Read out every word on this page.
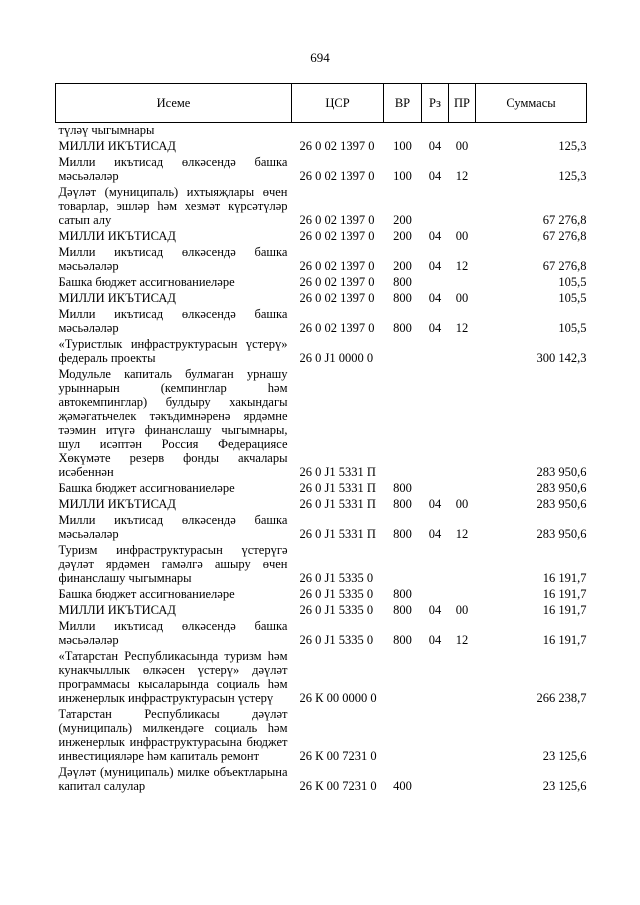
694
Исеме	ЦСР	ВР	Рз	ПР	Суммасы
түләү чыгымнары					
МИЛЛИ ИКЪТИСАД	26 0 02 1397 0	100	04	00	125,3
Милли икътисад өлкәсендә башка мәсьәләләр	26 0 02 1397 0	100	04	12	125,3
Дәүләт (муниципаль) ихтыяҗлары өчен товарлар, эшләр һәм хезмәт күрсәтүләр сатып алу	26 0 02 1397 0	200			67 276,8
МИЛЛИ ИКЪТИСАД	26 0 02 1397 0	200	04	00	67 276,8
Милли икътисад өлкәсендә башка мәсьәләләр	26 0 02 1397 0	200	04	12	67 276,8
Башка бюджет ассигнованиеләре	26 0 02 1397 0	800			105,5
МИЛЛИ ИКЪТИСАД	26 0 02 1397 0	800	04	00	105,5
Милли икътисад өлкәсендә башка мәсьәләләр	26 0 02 1397 0	800	04	12	105,5
«Туристлык инфраструктурасын үстерү» федераль проекты	26 0 J1 0000 0				300 142,3
Модульле капиталь булмаган урнашу урыннарын (кемпинглар һәм автокемпинглар) булдыру хакындагы җәмәгатьчелек тәкъдимнәренә ярдәмне тәэмин итүгә финанслашу чыгымнары, шул исәптән Россия Федерациясе Хөкүмәте резерв фонды акчалары исәбеннән	26 0 J1 5331 П				283 950,6
Башка бюджет ассигнованиеләре	26 0 J1 5331 П	800			283 950,6
МИЛЛИ ИКЪТИСАД	26 0 J1 5331 П	800	04	00	283 950,6
Милли икътисад өлкәсендә башка мәсьәләләр	26 0 J1 5331 П	800	04	12	283 950,6
Туризм инфраструктурасын үстерүгә дәүләт ярдәмен гамәлгә ашыру өчен финанслашу чыгымнары	26 0 J1 5335 0				16 191,7
Башка бюджет ассигнованиеләре	26 0 J1 5335 0	800			16 191,7
МИЛЛИ ИКЪТИСАД	26 0 J1 5335 0	800	04	00	16 191,7
Милли икътисад өлкәсендә башка мәсьәләләр	26 0 J1 5335 0	800	04	12	16 191,7
«Татарстан Республикасында туризм һәм кунакчыллык өлкәсен үстерү» дәүләт программасы кысаларында социаль һәм инженерлык инфраструктурасын үстерү	26 К 00 0000 0				266 238,7
Татарстан Республикасы дәүләт (муниципаль) милкендәге социаль һәм инженерлык инфраструктурасына бюджет инвестицияләре һәм капиталь ремонт	26 К 00 7231 0				23 125,6
Дәүләт (муниципаль) милке объектларына капитал салулар	26 К 00 7231 0	400			23 125,6
